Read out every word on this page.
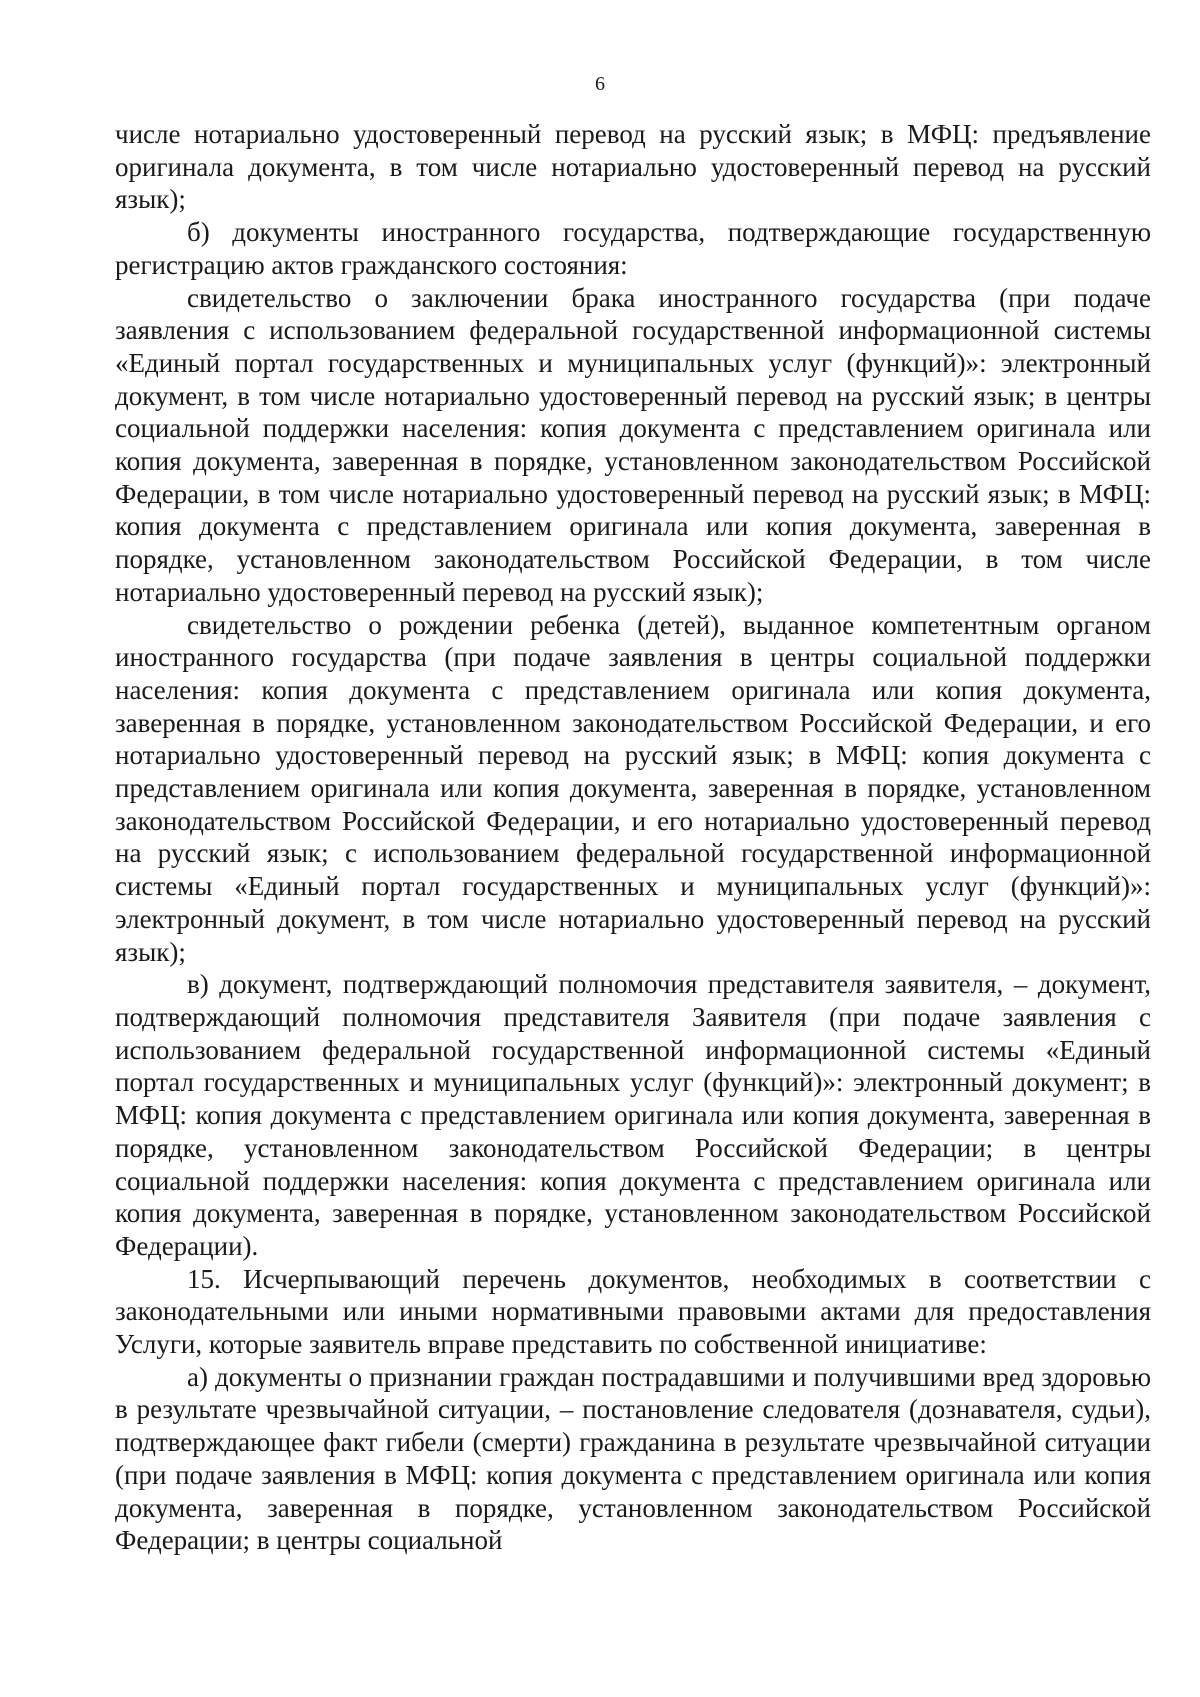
6

числе нотариально удостоверенный перевод на русский язык; в МФЦ: предъявление оригинала документа, в том числе нотариально удостоверенный перевод на русский язык);

б) документы иностранного государства, подтверждающие государственную регистрацию актов гражданского состояния:

свидетельство о заключении брака иностранного государства (при подаче заявления с использованием федеральной государственной информационной системы «Единый портал государственных и муниципальных услуг (функций)»: электронный документ, в том числе нотариально удостоверенный перевод на русский язык; в центры социальной поддержки населения: копия документа с представлением оригинала или копия документа, заверенная в порядке, установленном законодательством Российской Федерации, в том числе нотариально удостоверенный перевод на русский язык; в МФЦ: копия документа с представлением оригинала или копия документа, заверенная в порядке, установленном законодательством Российской Федерации, в том числе нотариально удостоверенный перевод на русский язык);

свидетельство о рождении ребенка (детей), выданное компетентным органом иностранного государства (при подаче заявления в центры социальной поддержки населения: копия документа с представлением оригинала или копия документа, заверенная в порядке, установленном законодательством Российской Федерации, и его нотариально удостоверенный перевод на русский язык; в МФЦ: копия документа с представлением оригинала или копия документа, заверенная в порядке, установленном законодательством Российской Федерации, и его нотариально удостоверенный перевод на русский язык; с использованием федеральной государственной информационной системы «Единый портал государственных и муниципальных услуг (функций)»: электронный документ, в том числе нотариально удостоверенный перевод на русский язык);

в) документ, подтверждающий полномочия представителя заявителя, – документ, подтверждающий полномочия представителя Заявителя (при подаче заявления с использованием федеральной государственной информационной системы «Единый портал государственных и муниципальных услуг (функций)»: электронный документ; в МФЦ: копия документа с представлением оригинала или копия документа, заверенная в порядке, установленном законодательством Российской Федерации; в центры социальной поддержки населения: копия документа с представлением оригинала или копия документа, заверенная в порядке, установленном законодательством Российской Федерации).

15. Исчерпывающий перечень документов, необходимых в соответствии с законодательными или иными нормативными правовыми актами для предоставления Услуги, которые заявитель вправе представить по собственной инициативе:

а) документы о признании граждан пострадавшими и получившими вред здоровью в результате чрезвычайной ситуации, – постановление следователя (дознавателя, судьи), подтверждающее факт гибели (смерти) гражданина в результате чрезвычайной ситуации (при подаче заявления в МФЦ: копия документа с представлением оригинала или копия документа, заверенная в порядке, установленном законодательством Российской Федерации; в центры социальной
